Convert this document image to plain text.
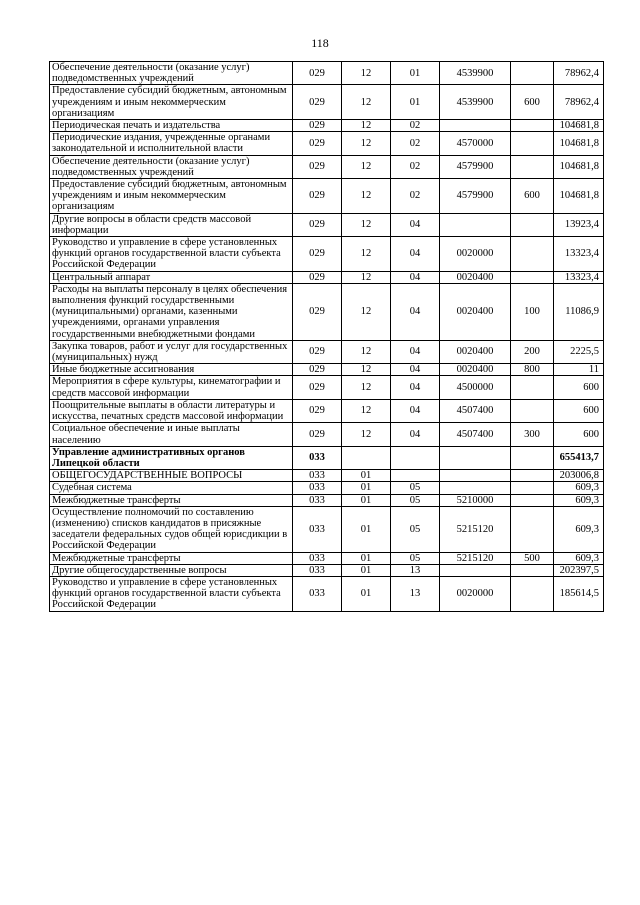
118
Обеспечение деятельности (оказание услуг) подведомственных учреждений	029	12	01	4539900		78962,4
Предоставление субсидий бюджетным, автономным учреждениям и иным некоммерческим организациям	029	12	01	4539900	600	78962,4
Периодическая печать и издательства	029	12	02			104681,8
Периодические издания, учрежденные органами законодательной и исполнительной власти	029	12	02	4570000		104681,8
Обеспечение деятельности (оказание услуг) подведомственных учреждений	029	12	02	4579900		104681,8
Предоставление субсидий бюджетным, автономным учреждениям и иным некоммерческим организациям	029	12	02	4579900	600	104681,8
Другие вопросы в области средств массовой информации	029	12	04			13923,4
Руководство и управление в сфере установленных функций органов государственной власти субъекта Российской Федерации	029	12	04	0020000		13323,4
Центральный аппарат	029	12	04	0020400		13323,4
Расходы на выплаты персоналу в целях обеспечения выполнения функций государственными (муниципальными) органами, казенными учреждениями, органами управления государственными внебюджетными фондами	029	12	04	0020400	100	11086,9
Закупка товаров, работ и услуг для государственных (муниципальных) нужд	029	12	04	0020400	200	2225,5
Иные бюджетные ассигнования	029	12	04	0020400	800	11
Мероприятия в сфере культуры, кинематографии и средств массовой информации	029	12	04	4500000		600
Поощрительные выплаты в области литературы и искусства, печатных средств массовой информации	029	12	04	4507400		600
Социальное обеспечение и иные выплаты населению	029	12	04	4507400	300	600
Управление административных органов Липецкой области	033					655413,7
ОБЩЕГОСУДАРСТВЕННЫЕ ВОПРОСЫ	033	01				203006,8
Судебная система	033	01	05			609,3
Межбюджетные трансферты	033	01	05	5210000		609,3
Осуществление полномочий по составлению (изменению) списков кандидатов в присяжные заседатели федеральных судов общей юрисдикции в Российской Федерации	033	01	05	5215120		609,3
Межбюджетные трансферты	033	01	05	5215120	500	609,3
Другие общегосударственные вопросы	033	01	13			202397,5
Руководство и управление в сфере установленных функций органов государственной власти субъекта Российской Федерации	033	01	13	0020000		185614,5
